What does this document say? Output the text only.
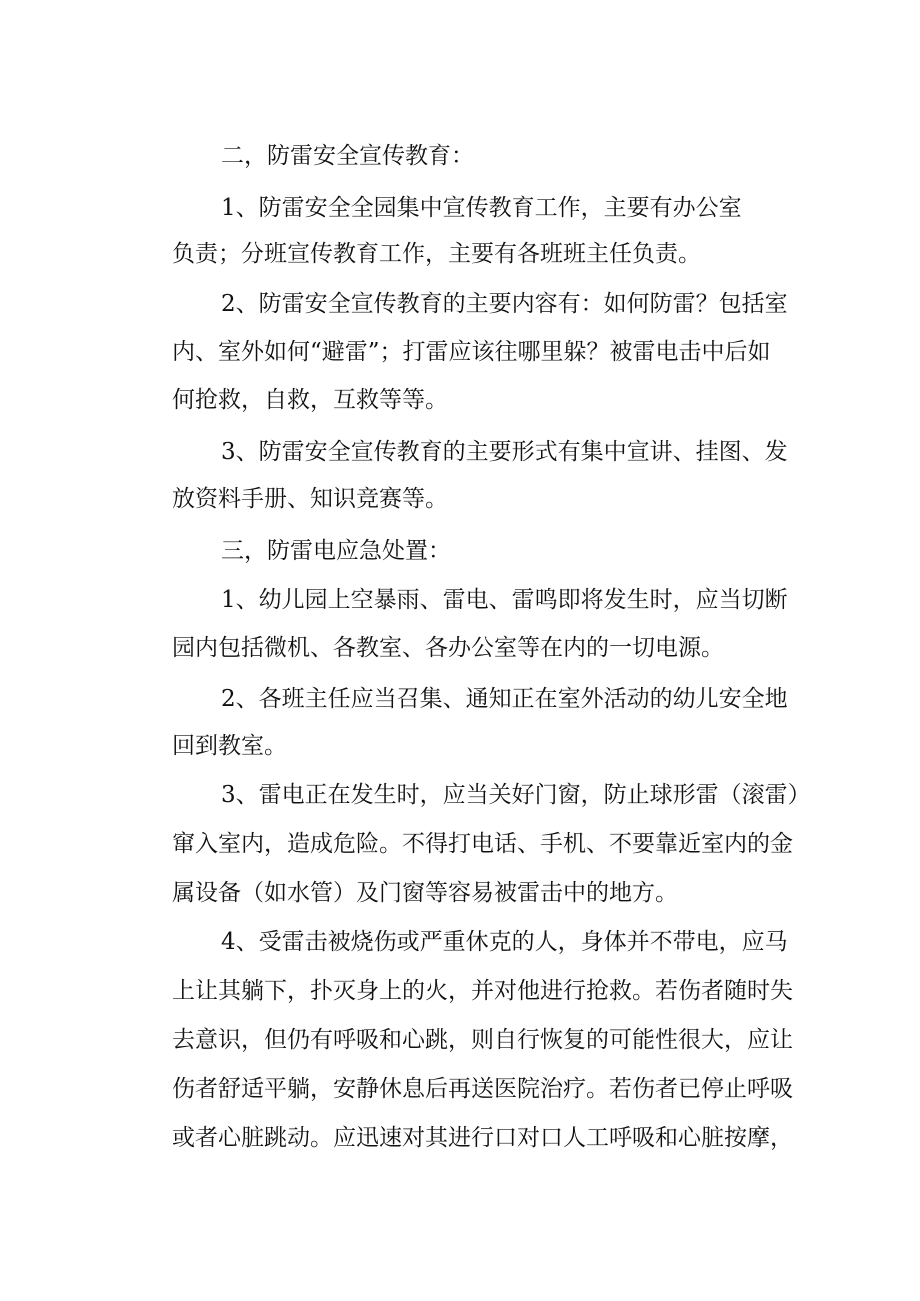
二，防雷安全宣传教育：
1、防雷安全全园集中宣传教育工作，主要有办公室
负责；分班宣传教育工作，主要有各班班主任负责。
2、防雷安全宣传教育的主要内容有：如何防雷？包括室
内、室外如何“避雷”；打雷应该往哪里躲？被雷电击中后如
何抢救，自救，互救等等。
3、防雷安全宣传教育的主要形式有集中宣讲、挂图、发
放资料手册、知识竞赛等。
三，防雷电应急处置：
1、幼儿园上空暴雨、雷电、雷鸣即将发生时，应当切断
园内包括微机、各教室、各办公室等在内的一切电源。
2、各班主任应当召集、通知正在室外活动的幼儿安全地
回到教室。
3、雷电正在发生时，应当关好门窗，防止球形雷（滚雷）
窜入室内，造成危险。不得打电话、手机、不要靠近室内的金
属设备（如水管）及门窗等容易被雷击中的地方。
4、受雷击被烧伤或严重休克的人，身体并不带电，应马
上让其躺下，扑灭身上的火，并对他进行抢救。若伤者随时失
去意识，但仍有呼吸和心跳，则自行恢复的可能性很大，应让
伤者舒适平躺，安静休息后再送医院治疗。若伤者已停止呼吸
或者心脏跳动。应迅速对其进行口对口人工呼吸和心脏按摩，
